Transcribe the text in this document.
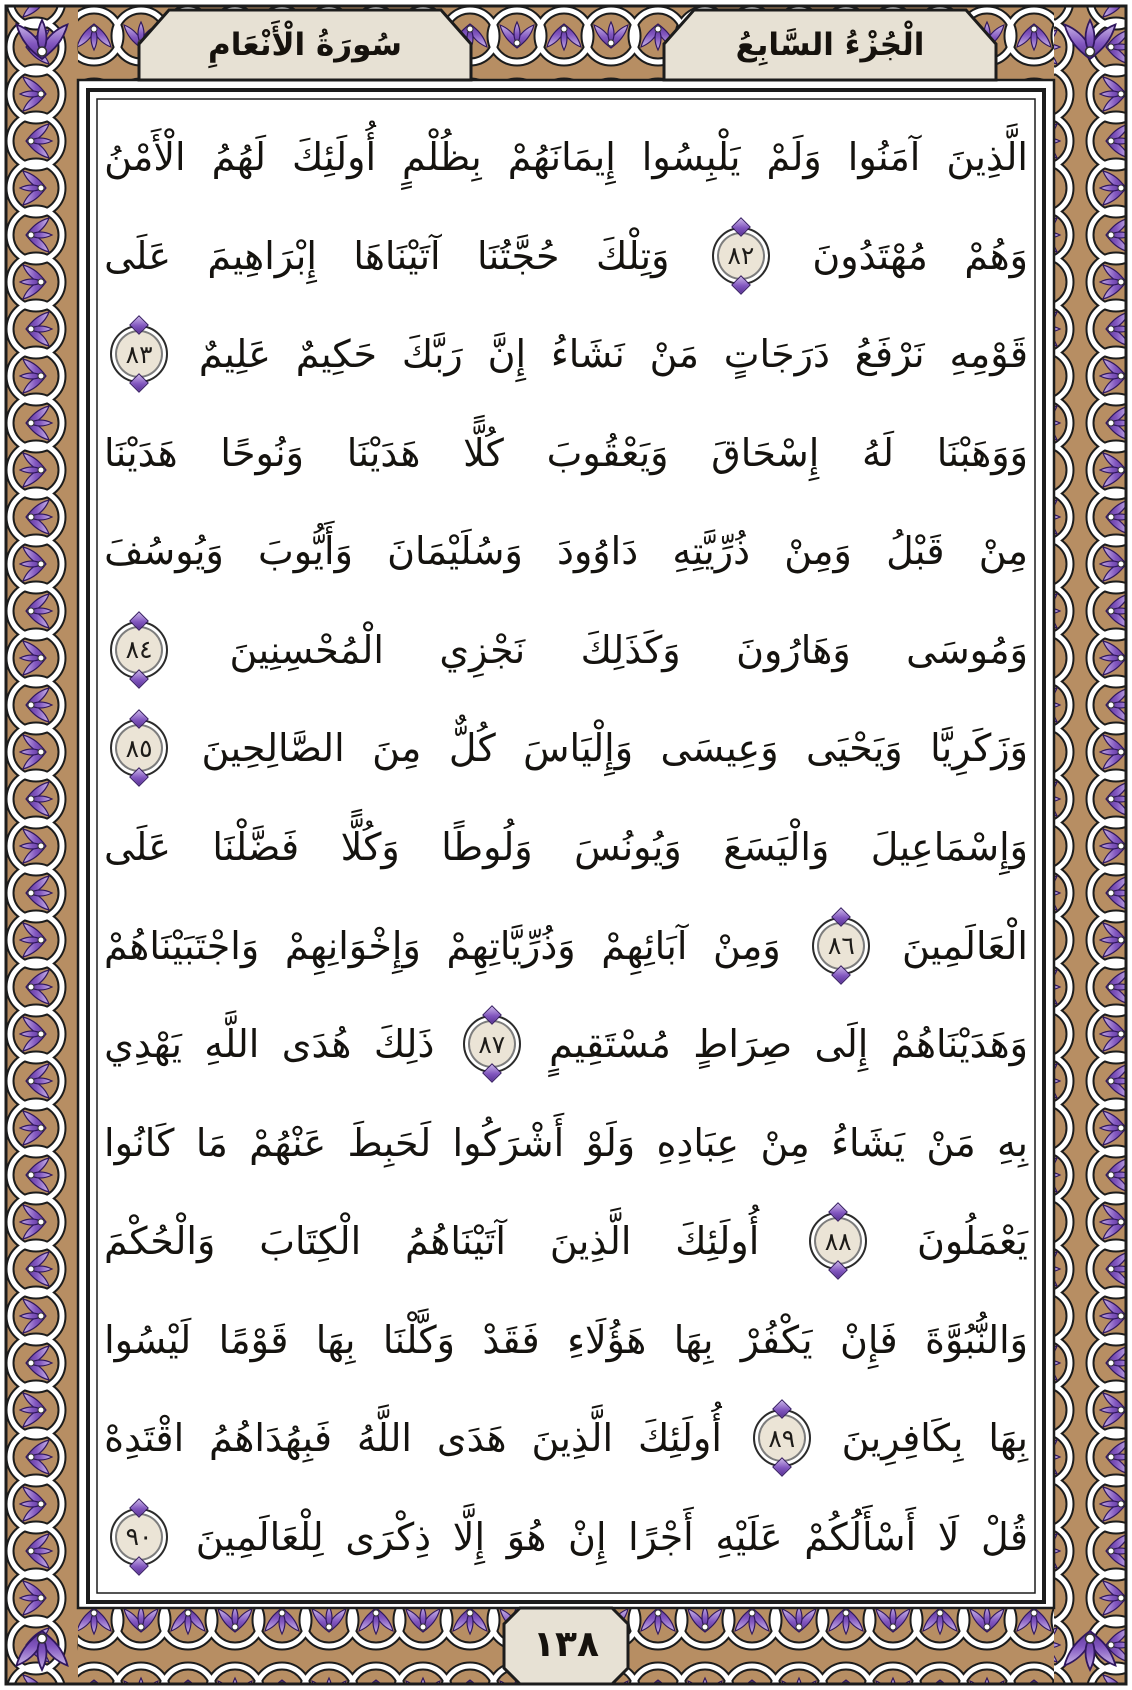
الْجُزْءُ السَّابِعُ
سُورَةُ الْأَنْعَامِ
الَّذِينَ
آمَنُوا
وَلَمْ
يَلْبِسُوا
إِيمَانَهُمْ
بِظُلْمٍ
أُولَئِكَ
لَهُمُ
الْأَمْنُ
وَهُمْ
مُهْتَدُونَ
٨٢
وَتِلْكَ
حُجَّتُنَا
آتَيْنَاهَا
إِبْرَاهِيمَ
عَلَى
قَوْمِهِ
نَرْفَعُ
دَرَجَاتٍ
مَنْ
نَشَاءُ
إِنَّ
رَبَّكَ
حَكِيمٌ
عَلِيمٌ
٨٣
وَوَهَبْنَا
لَهُ
إِسْحَاقَ
وَيَعْقُوبَ
كُلًّا
هَدَيْنَا
وَنُوحًا
هَدَيْنَا
مِنْ
قَبْلُ
وَمِنْ
ذُرِّيَّتِهِ
دَاوُودَ
وَسُلَيْمَانَ
وَأَيُّوبَ
وَيُوسُفَ
وَمُوسَى
وَهَارُونَ
وَكَذَلِكَ
نَجْزِي
الْمُحْسِنِينَ
٨٤
وَزَكَرِيَّا
وَيَحْيَى
وَعِيسَى
وَإِلْيَاسَ
كُلٌّ
مِنَ
الصَّالِحِينَ
٨٥
وَإِسْمَاعِيلَ
وَالْيَسَعَ
وَيُونُسَ
وَلُوطًا
وَكُلًّا
فَضَّلْنَا
عَلَى
الْعَالَمِينَ
٨٦
وَمِنْ
آبَائِهِمْ
وَذُرِّيَّاتِهِمْ
وَإِخْوَانِهِمْ
وَاجْتَبَيْنَاهُمْ
وَهَدَيْنَاهُمْ
إِلَى
صِرَاطٍ
مُسْتَقِيمٍ
٨٧
ذَلِكَ
هُدَى
اللَّهِ
يَهْدِي
بِهِ
مَنْ
يَشَاءُ
مِنْ
عِبَادِهِ
وَلَوْ
أَشْرَكُوا
لَحَبِطَ
عَنْهُمْ
مَا
كَانُوا
يَعْمَلُونَ
٨٨
أُولَئِكَ
الَّذِينَ
آتَيْنَاهُمُ
الْكِتَابَ
وَالْحُكْمَ
وَالنُّبُوَّةَ
فَإِنْ
يَكْفُرْ
بِهَا
هَؤُلَاءِ
فَقَدْ
وَكَّلْنَا
بِهَا
قَوْمًا
لَيْسُوا
بِهَا
بِكَافِرِينَ
٨٩
أُولَئِكَ
الَّذِينَ
هَدَى
اللَّهُ
فَبِهُدَاهُمُ
اقْتَدِهْ
قُلْ
لَا
أَسْأَلُكُمْ
عَلَيْهِ
أَجْرًا
إِنْ
هُوَ
إِلَّا
ذِكْرَى
لِلْعَالَمِينَ
٩٠
١٣٨
